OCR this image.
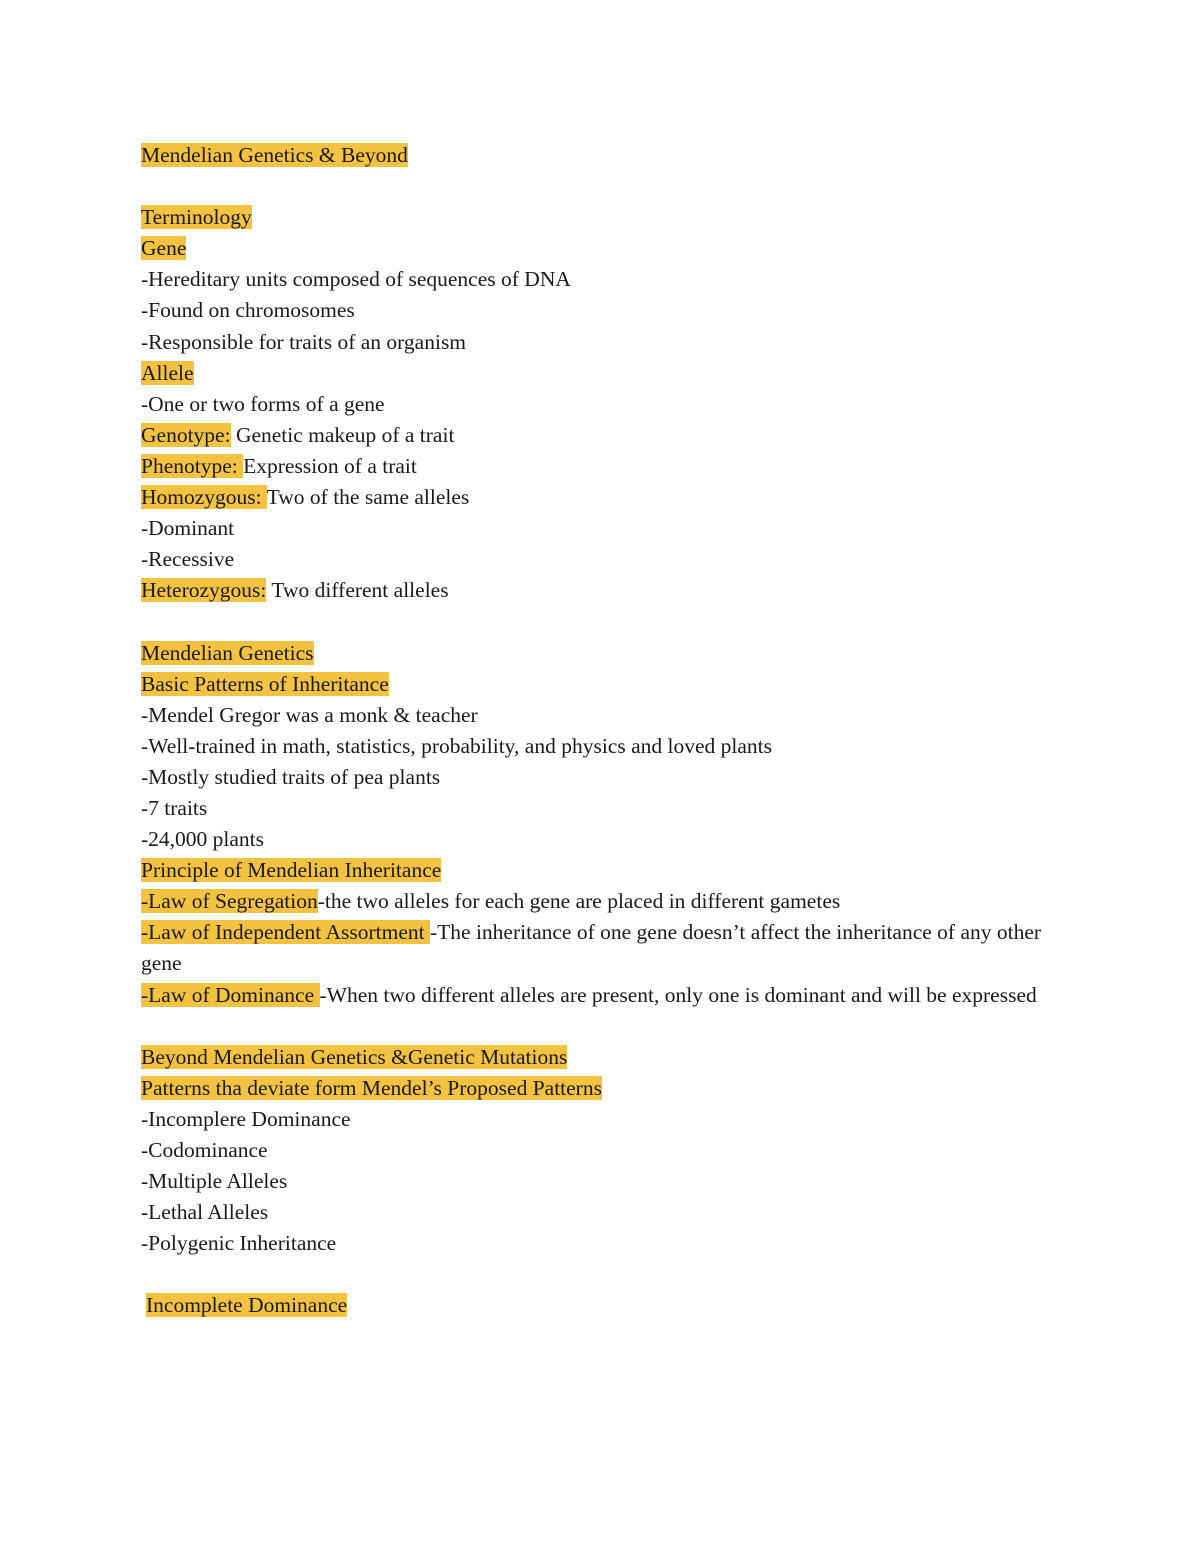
Mendelian Genetics & Beyond
Terminology
Gene
-Hereditary units composed of sequences of DNA
-Found on chromosomes
-Responsible for traits of an organism
Allele
-One or two forms of a gene
Genotype: Genetic makeup of a trait
Phenotype: Expression of a trait
Homozygous: Two of the same alleles
-Dominant
-Recessive
Heterozygous: Two different alleles
Mendelian Genetics
Basic Patterns of Inheritance
-Mendel Gregor was a monk & teacher
-Well-trained in math, statistics, probability, and physics and loved plants
-Mostly studied traits of pea plants
-7 traits
-24,000 plants
Principle of Mendelian Inheritance
-Law of Segregation-the two alleles for each gene are placed in different gametes
-Law of Independent Assortment -The inheritance of one gene doesn’t affect the inheritance of any other gene
-Law of Dominance -When two different alleles are present, only one is dominant and will be expressed
Beyond Mendelian Genetics &Genetic Mutations
Patterns tha deviate form Mendel’s Proposed Patterns
-Incomplere Dominance
-Codominance
-Multiple Alleles
-Lethal Alleles
-Polygenic Inheritance
Incomplete Dominance
